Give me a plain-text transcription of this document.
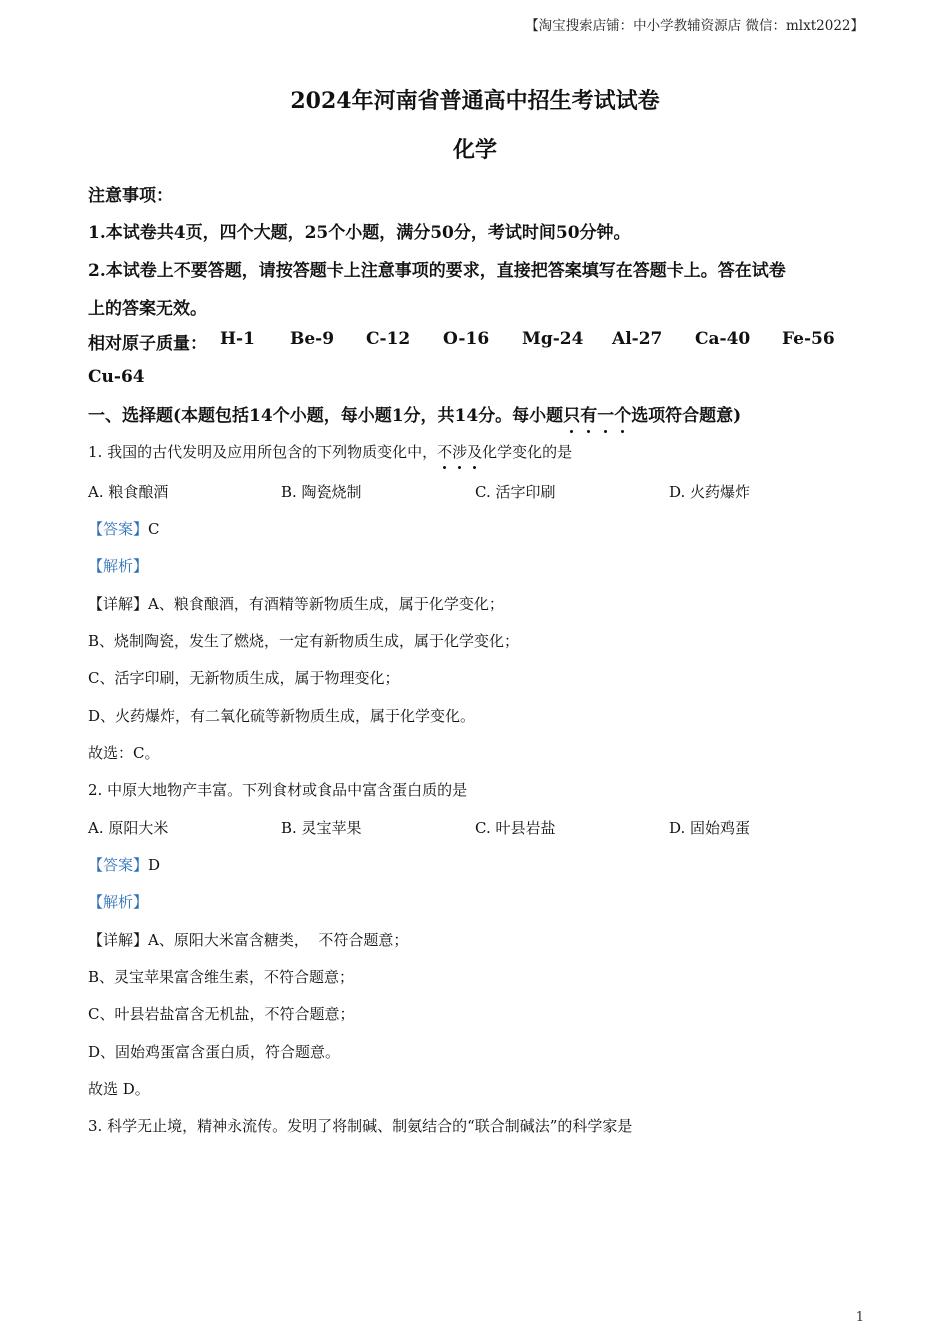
【淘宝搜索店铺：中小学教辅资源店 微信：mlxt2022】
2024年河南省普通高中招生考试试卷
化学
注意事项：
1.本试卷共4页，四个大题，25个小题，满分50分，考试时间50分钟。
2.本试卷上不要答题，请按答题卡上注意事项的要求，直接把答案填写在答题卡上。答在试卷
上的答案无效。
相对原子质量： H-1 Be-9 C-12 O-16 Mg-24 Al-27 Ca-40 Fe-56
Cu-64
一、选择题(本题包括14个小题，每小题1分，共14分。每小题只有一个选项符合题意)
1. 我国的古代发明及应用所包含的下列物质变化中，不涉及化学变化的是
A. 粮食酿酒	B. 陶瓷烧制	C. 活字印刷	D. 火药爆炸
【答案】C
【解析】
【详解】A、粮食酿酒，有酒精等新物质生成，属于化学变化；
B、烧制陶瓷，发生了燃烧，一定有新物质生成，属于化学变化；
C、活字印刷，无新物质生成，属于物理变化；
D、火药爆炸，有二氧化硫等新物质生成，属于化学变化。
故选：C。
2. 中原大地物产丰富。下列食材或食品中富含蛋白质的是
A. 原阳大米	B. 灵宝苹果	C. 叶县岩盐	D. 固始鸡蛋
【答案】D
【解析】
【详解】A、原阳大米富含糖类，  不符合题意；
B、灵宝苹果富含维生素，不符合题意；
C、叶县岩盐富含无机盐，不符合题意；
D、固始鸡蛋富含蛋白质，符合题意。
故选 D。
3. 科学无止境，精神永流传。发明了将制碱、制氨结合的“联合制碱法”的科学家是
1
